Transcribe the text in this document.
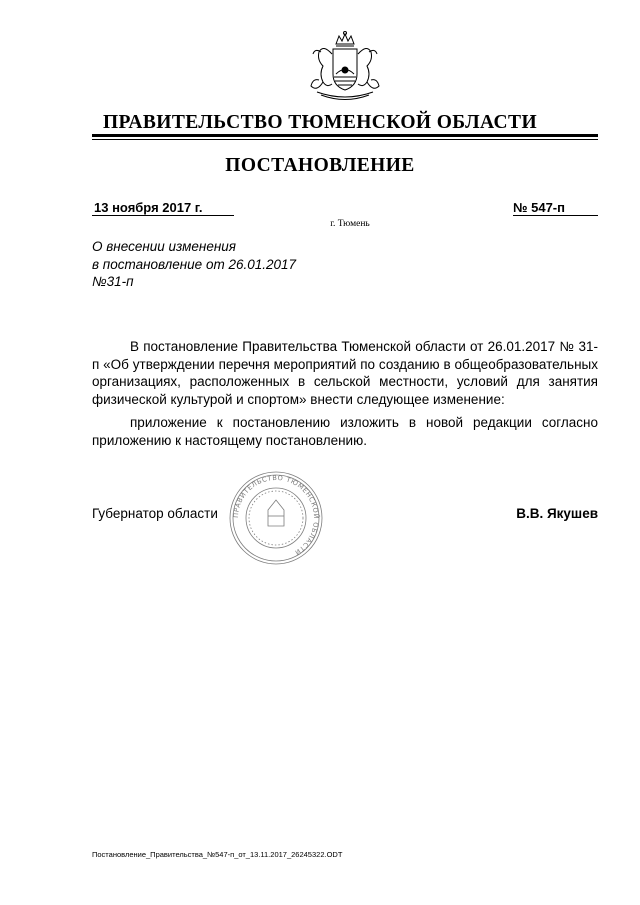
ПРАВИТЕЛЬСТВО ТЮМЕНСКОЙ ОБЛАСТИ
ПОСТАНОВЛЕНИЕ
13 ноября 2017 г.	№ 547-п
г. Тюмень
О внесении изменения
в постановление от 26.01.2017
№31-п

В постановление Правительства Тюменской области от 26.01.2017 № 31-п «Об утверждении перечня мероприятий по созданию в общеобразовательных организациях, расположенных в сельской местности, условий для занятия физической культурой и спортом» внести следующее изменение:

приложение к постановлению изложить в новой редакции согласно приложению к настоящему постановлению.

ПРАВИТЕЛЬСТВО ТЮМЕНСКОЙ ОБЛАСТИ
Губернатор области	В.В. Якушев
Постановление_Правительства_№547-п_от_13.11.2017_26245322.ODT
